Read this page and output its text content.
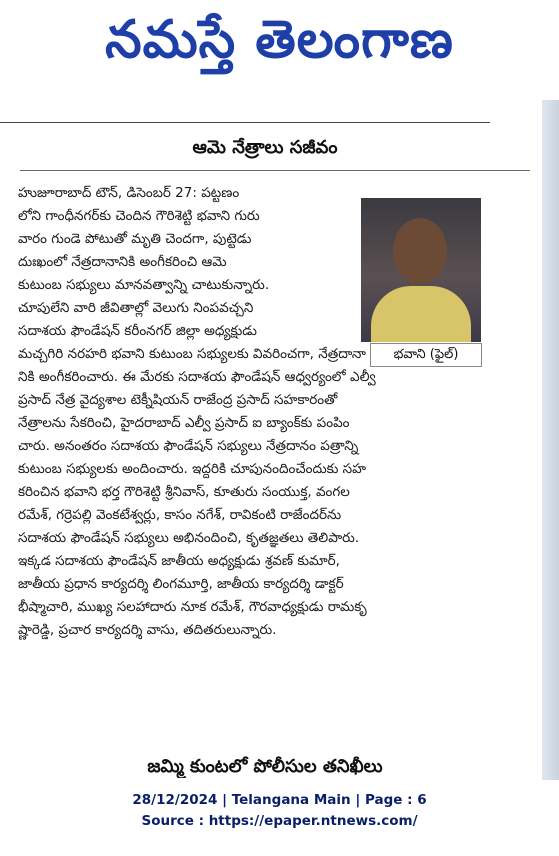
నమస్తే తెలంగాణ
ఆమె నేత్రాలు సజీవం
భవాని (ఫైల్)
హుజూరాబాద్ టౌన్, డిసెంబర్ 27: పట్టణం
లోని గాంధీనగర్‌కు చెందిన గౌరిశెట్టి భవాని గురు
వారం గుండె పోటుతో మృతి చెందగా, పుట్టెడు
దుఃఖంలో నేత్రదానానికి అంగీకరించి ఆమె
కుటుంబ సభ్యులు మానవత్వాన్ని చాటుకున్నారు.
చూపులేని వారి జీవితాల్లో వెలుగు నింపవచ్చని
సదాశయ ఫౌండేషన్ కరీంనగర్ జిల్లా అధ్యక్షుడు
మచ్చగిరి నరహరి భవాని కుటుంబ సభ్యులకు వివరించగా, నేత్రదానా
నికి అంగీకరించారు. ఈ మేరకు సదాశయ ఫౌండేషన్ ఆధ్వర్యంలో ఎల్వీ
ప్రసాద్ నేత్ర వైద్యశాల టెక్నీషియన్ రాజేంద్ర ప్రసాద్ సహకారంతో
నేత్రాలను సేకరించి, హైదరాబాద్ ఎల్వీ ప్రసాద్ ఐ బ్యాంక్‌కు పంపిం
చారు. అనంతరం సదాశయ ఫౌండేషన్ సభ్యులు నేత్రదానం పత్రాన్ని
కుటుంబ సభ్యులకు అందించారు. ఇద్దరికి చూపునందించేందుకు సహ
కరించిన భవాని భర్త గౌరిశెట్టి శ్రీనివాస్, కూతురు సంయుక్త, వంగల
రమేశ్, గర్రెపల్లి వెంకటేశ్వర్లు, కాసం నగేశ్, రావికంటి రాజేందర్‌ను
సదాశయ ఫౌండేషన్ సభ్యులు అభినందించి, కృతజ్ఞతలు తెలిపారు.
ఇక్కడ సదాశయ ఫౌండేషన్ జాతీయ అధ్యక్షుడు శ్రవణ్ కుమార్,
జాతీయ ప్రధాన కార్యదర్శి లింగమూర్తి, జాతీయ కార్యదర్శి డాక్టర్
భీష్మాచారి, ముఖ్య సలహాదారు నూక రమేశ్, గౌరవాధ్యక్షుడు రామకృ
ష్ణారెడ్డి, ప్రచార కార్యదర్శి వాసు, తదితరులున్నారు.
జమ్మి కుంటలో పోలీసుల తనిఖీలు
28/12/2024 | Telangana Main | Page : 6
Source : https://epaper.ntnews.com/
